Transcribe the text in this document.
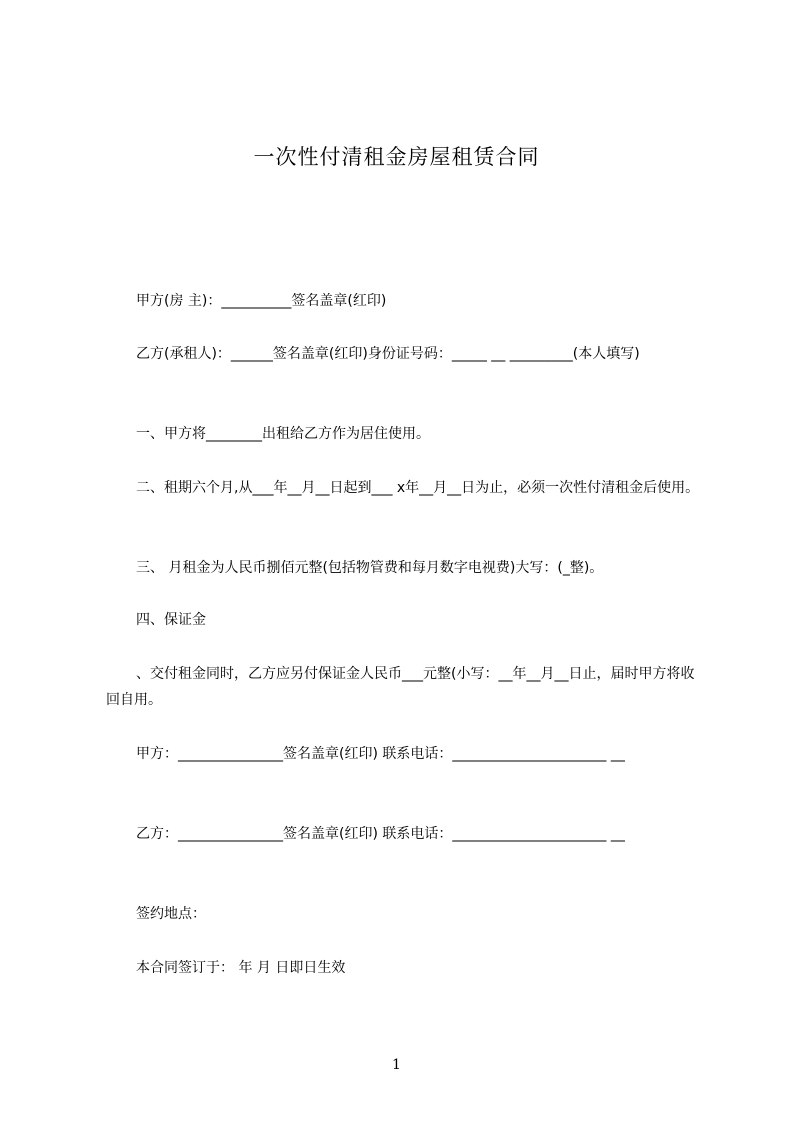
一次性付清租金房屋租赁合同
甲方(房 主)：__________签名盖章(红印)
乙方(承租人)：______签名盖章(红印)身份证号码：_____ __ _________(本人填写)
一、甲方将________出租给乙方作为居住使用。
二、租期六个月,从___年__月__日起到___ x年__月__日为止，必须一次性付清租金后使用。
三、 月租金为人民币捌佰元整(包括物管费和每月数字电视费)大写：(_整)。
四、保证金
、交付租金同时，乙方应另付保证金人民币___元整(小写：__年__月__日止，届时甲方将收回自用。
甲方：_______________签名盖章(红印) 联系电话：______________________ __
乙方：_______________签名盖章(红印) 联系电话：______________________ __
签约地点：
本合同签订于： 年 月 日即日生效
1
